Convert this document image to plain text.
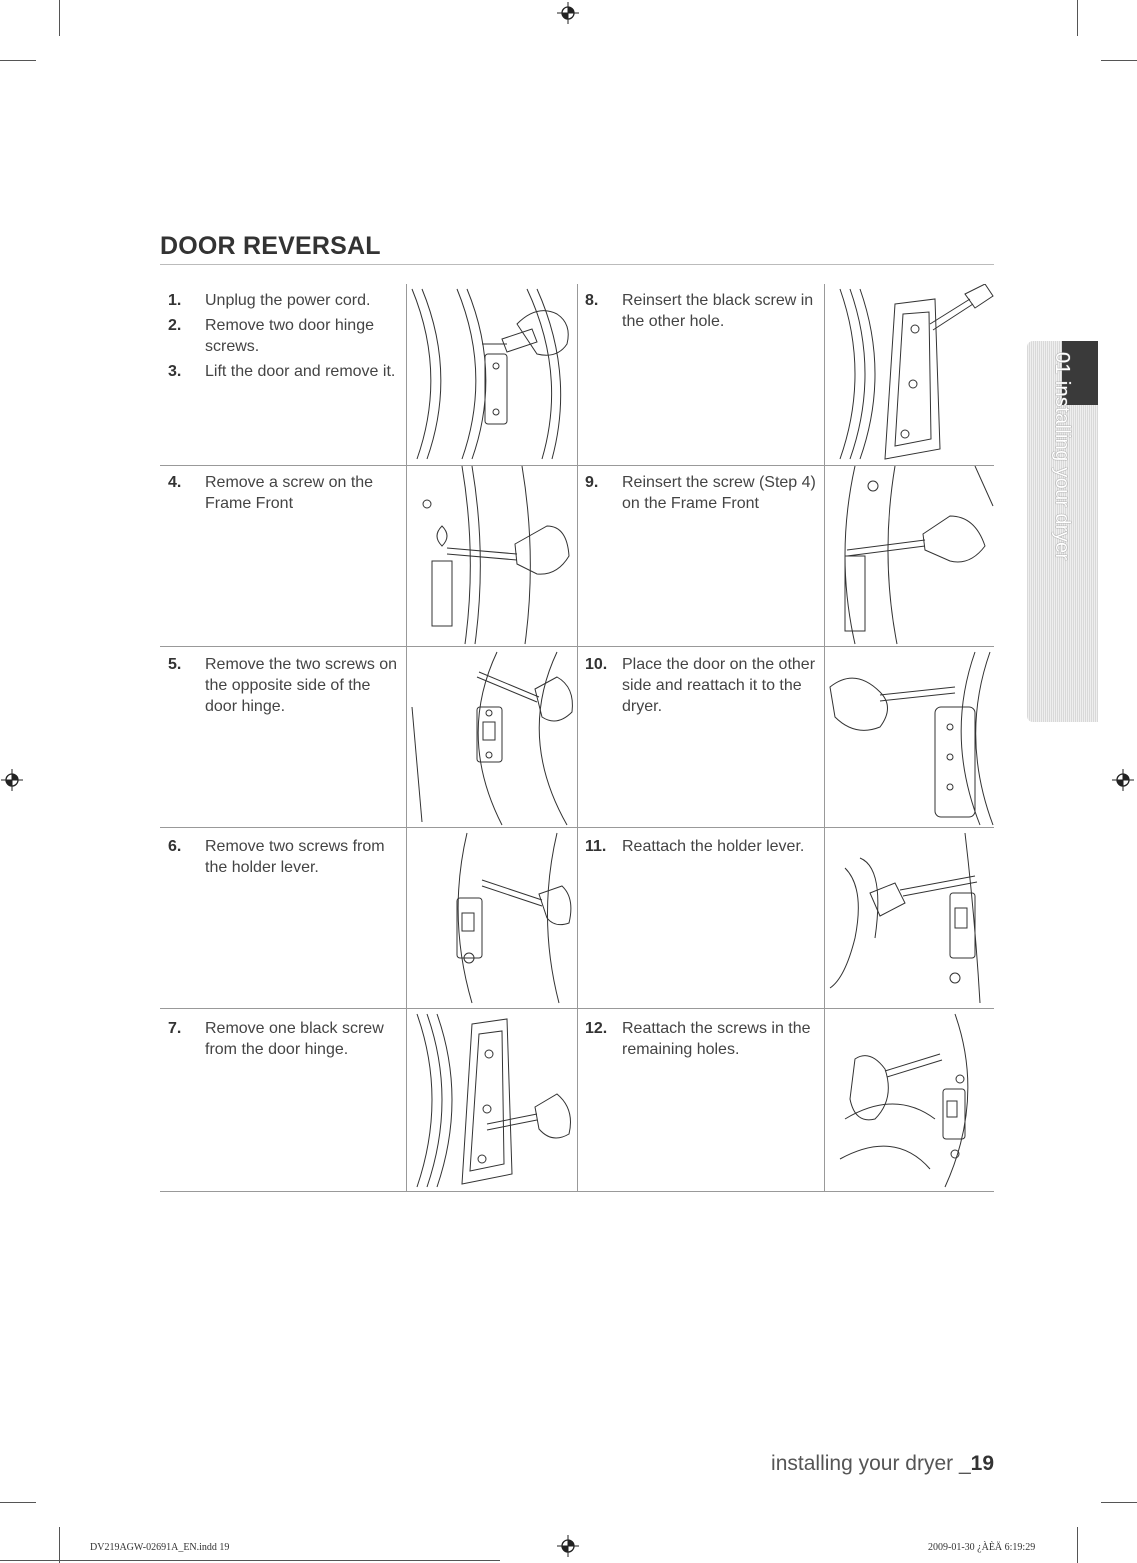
DOOR REVERSAL
1.	Unplug the power cord.
2.	Remove two door hinge screws.
3.	Lift the door and remove it.
4.	Remove a screw on the Frame Front
5.	Remove the two screws on the opposite side of the door hinge.
6.	Remove two screws from the holder lever.
7.	Remove one black screw from the door hinge.
8.	Reinsert the black screw in the other hole.
9.	Reinsert the screw (Step 4) on the Frame Front
10. Place the door on the other side and reattach it to the dryer.
11. Reattach the holder lever.
12. Reattach the screws in the remaining holes.
01 installing your dryer
installing your dryer _19
DV219AGW-02691A_EN.indd 19	2009-01-30 ¿ÀÈÄ 6:19:29
